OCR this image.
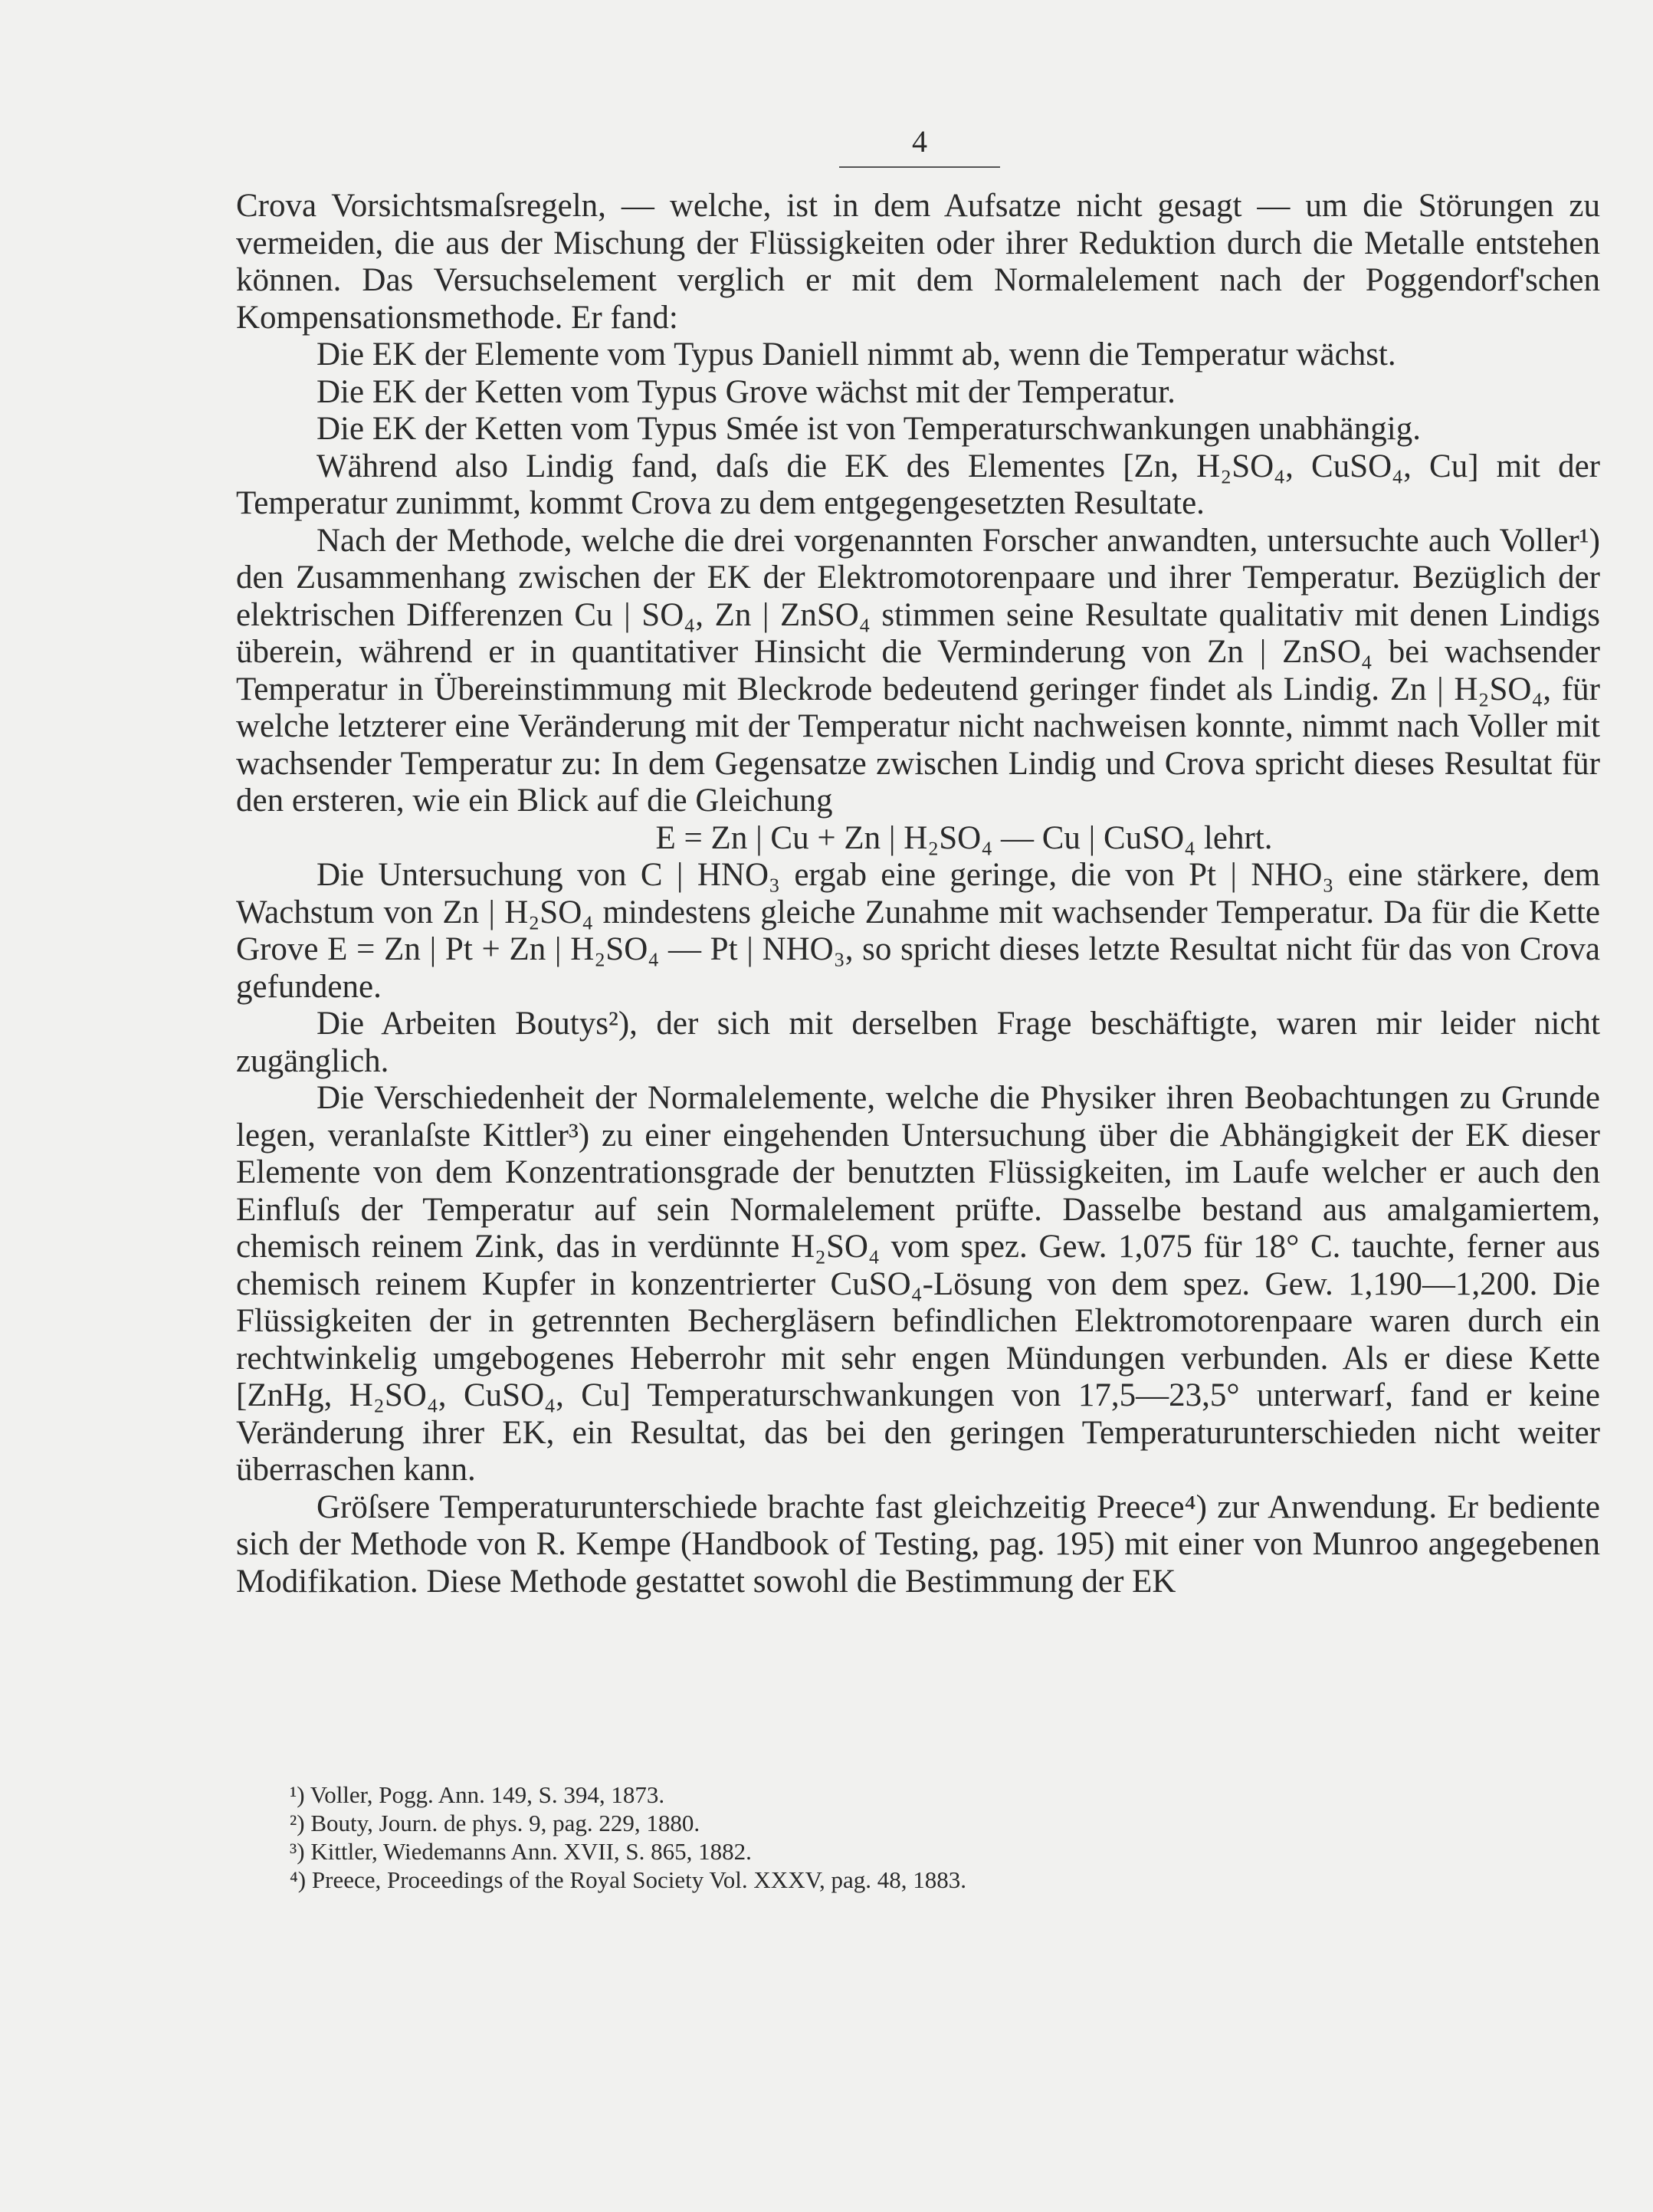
4

Crova Vorsichtsmaſsregeln, — welche, ist in dem Aufsatze nicht gesagt — um die Störungen zu vermeiden, die aus der Mischung der Flüssigkeiten oder ihrer Reduktion durch die Metalle entstehen können. Das Versuchselement verglich er mit dem Normalelement nach der Poggendorf'schen Kompensationsmethode. Er fand:

Die EK der Elemente vom Typus Daniell nimmt ab, wenn die Temperatur wächst.

Die EK der Ketten vom Typus Grove wächst mit der Temperatur.

Die EK der Ketten vom Typus Smée ist von Temperaturschwankungen unabhängig.

Während also Lindig fand, daſs die EK des Elementes [Zn, H₂SO₄, CuSO₄, Cu] mit der Temperatur zunimmt, kommt Crova zu dem entgegengesetzten Resultate.

Nach der Methode, welche die drei vorgenannten Forscher anwandten, untersuchte auch Voller¹) den Zusammenhang zwischen der EK der Elektromotorenpaare und ihrer Temperatur. Bezüglich der elektrischen Differenzen Cu | SO₄, Zn | ZnSO₄ stimmen seine Resultate qualitativ mit denen Lindigs überein, während er in quantitativer Hinsicht die Verminderung von Zn | ZnSO₄ bei wachsender Temperatur in Übereinstimmung mit Bleckrode bedeutend geringer findet als Lindig. Zn | H₂SO₄, für welche letzterer eine Veränderung mit der Temperatur nicht nachweisen konnte, nimmt nach Voller mit wachsender Temperatur zu: In dem Gegensatze zwischen Lindig und Crova spricht dieses Resultat für den ersteren, wie ein Blick auf die Gleichung

E = Zn | Cu + Zn | H₂SO₄ — Cu | CuSO₄ lehrt.

Die Untersuchung von C | HNO₃ ergab eine geringe, die von Pt | NHO₃ eine stärkere, dem Wachstum von Zn | H₂SO₄ mindestens gleiche Zunahme mit wachsender Temperatur. Da für die Kette Grove E = Zn | Pt + Zn | H₂SO₄ — Pt | NHO₃, so spricht dieses letzte Resultat nicht für das von Crova gefundene.

Die Arbeiten Boutys²), der sich mit derselben Frage beschäftigte, waren mir leider nicht zugänglich.

Die Verschiedenheit der Normalelemente, welche die Physiker ihren Beobachtungen zu Grunde legen, veranlaſste Kittler³) zu einer eingehenden Untersuchung über die Abhängigkeit der EK dieser Elemente von dem Konzentrationsgrade der benutzten Flüssigkeiten, im Laufe welcher er auch den Einfluſs der Temperatur auf sein Normalelement prüfte. Dasselbe bestand aus amalgamiertem, chemisch reinem Zink, das in verdünnte H₂SO₄ vom spez. Gew. 1,075 für 18° C. tauchte, ferner aus chemisch reinem Kupfer in konzentrierter CuSO₄-Lösung von dem spez. Gew. 1,190—1,200. Die Flüssigkeiten der in getrennten Bechergläsern befindlichen Elektromotorenpaare waren durch ein rechtwinkelig umgebogenes Heberrohr mit sehr engen Mündungen verbunden. Als er diese Kette [ZnHg, H₂SO₄, CuSO₄, Cu] Temperaturschwankungen von 17,5—23,5° unterwarf, fand er keine Veränderung ihrer EK, ein Resultat, das bei den geringen Temperaturunterschieden nicht weiter überraschen kann.

Gröſsere Temperaturunterschiede brachte fast gleichzeitig Preece⁴) zur Anwendung. Er bediente sich der Methode von R. Kempe (Handbook of Testing, pag. 195) mit einer von Munroo angegebenen Modifikation. Diese Methode gestattet sowohl die Bestimmung der EK

¹) Voller, Pogg. Ann. 149, S. 394, 1873.

²) Bouty, Journ. de phys. 9, pag. 229, 1880.

³) Kittler, Wiedemanns Ann. XVII, S. 865, 1882.

⁴) Preece, Proceedings of the Royal Society Vol. XXXV, pag. 48, 1883.
